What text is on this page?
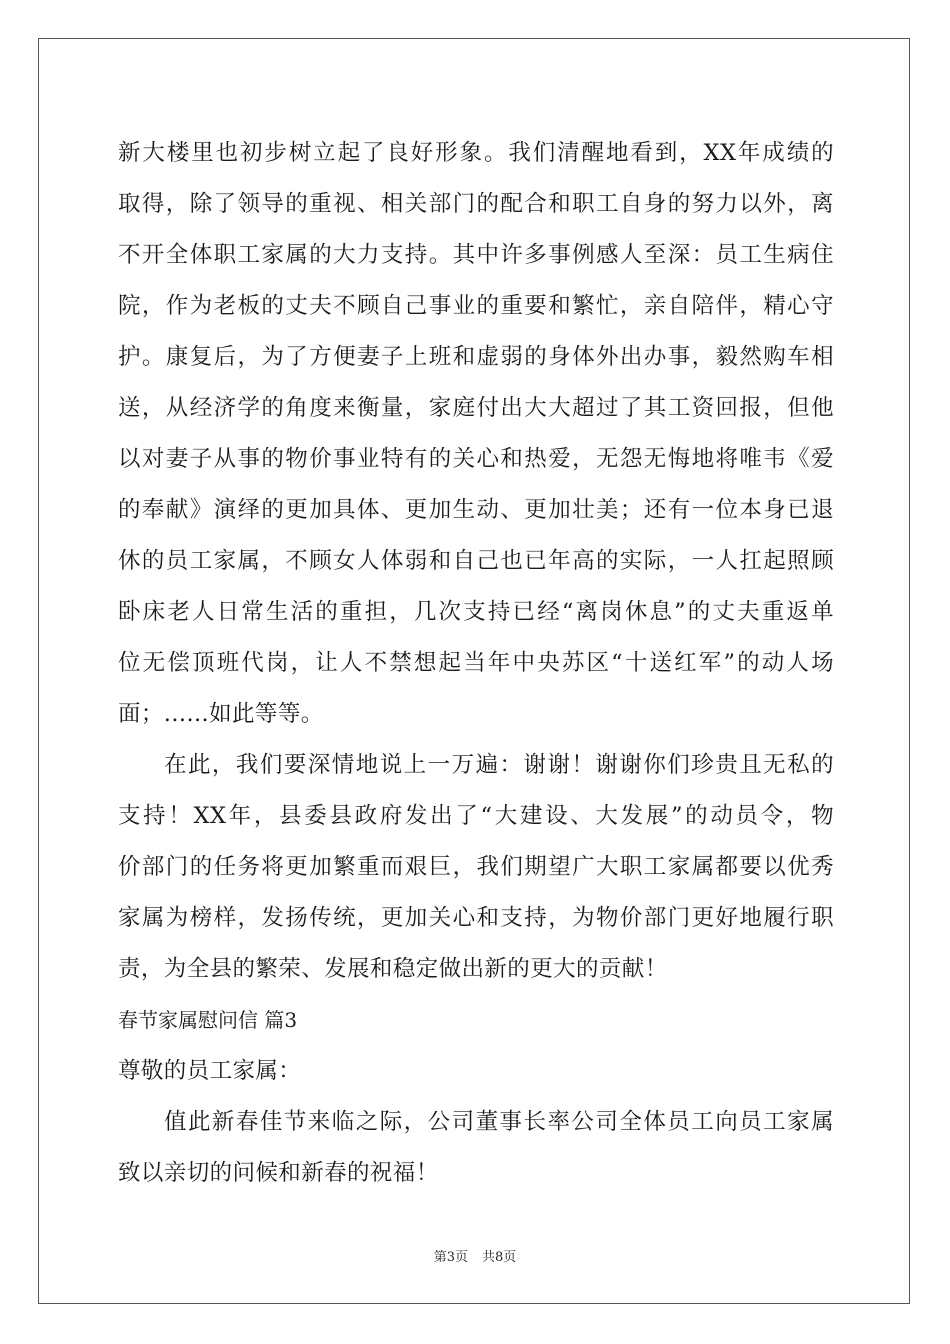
新大楼里也初步树立起了良好形象。我们清醒地看到，XX年成绩的
取得，除了领导的重视、相关部门的配合和职工自身的努力以外，离
不开全体职工家属的大力支持。其中许多事例感人至深：员工生病住
院，作为老板的丈夫不顾自己事业的重要和繁忙，亲自陪伴，精心守
护。康复后，为了方便妻子上班和虚弱的身体外出办事，毅然购车相
送，从经济学的角度来衡量，家庭付出大大超过了其工资回报，但他
以对妻子从事的物价事业特有的关心和热爱，无怨无悔地将唯韦《爱
的奉献》演绎的更加具体、更加生动、更加壮美；还有一位本身已退
休的员工家属，不顾女人体弱和自己也已年高的实际，一人扛起照顾
卧床老人日常生活的重担，几次支持已经“离岗休息”的丈夫重返单
位无偿顶班代岗，让人不禁想起当年中央苏区“十送红军”的动人场
面；......如此等等。
在此，我们要深情地说上一万遍：谢谢！谢谢你们珍贵且无私的
支持！XX年，县委县政府发出了“大建设、大发展”的动员令，物
价部门的任务将更加繁重而艰巨，我们期望广大职工家属都要以优秀
家属为榜样，发扬传统，更加关心和支持，为物价部门更好地履行职
责，为全县的繁荣、发展和稳定做出新的更大的贡献！
春节家属慰问信 篇3
尊敬的员工家属：
值此新春佳节来临之际，公司董事长率公司全体员工向员工家属
致以亲切的问候和新春的祝福！
第3页 共8页
